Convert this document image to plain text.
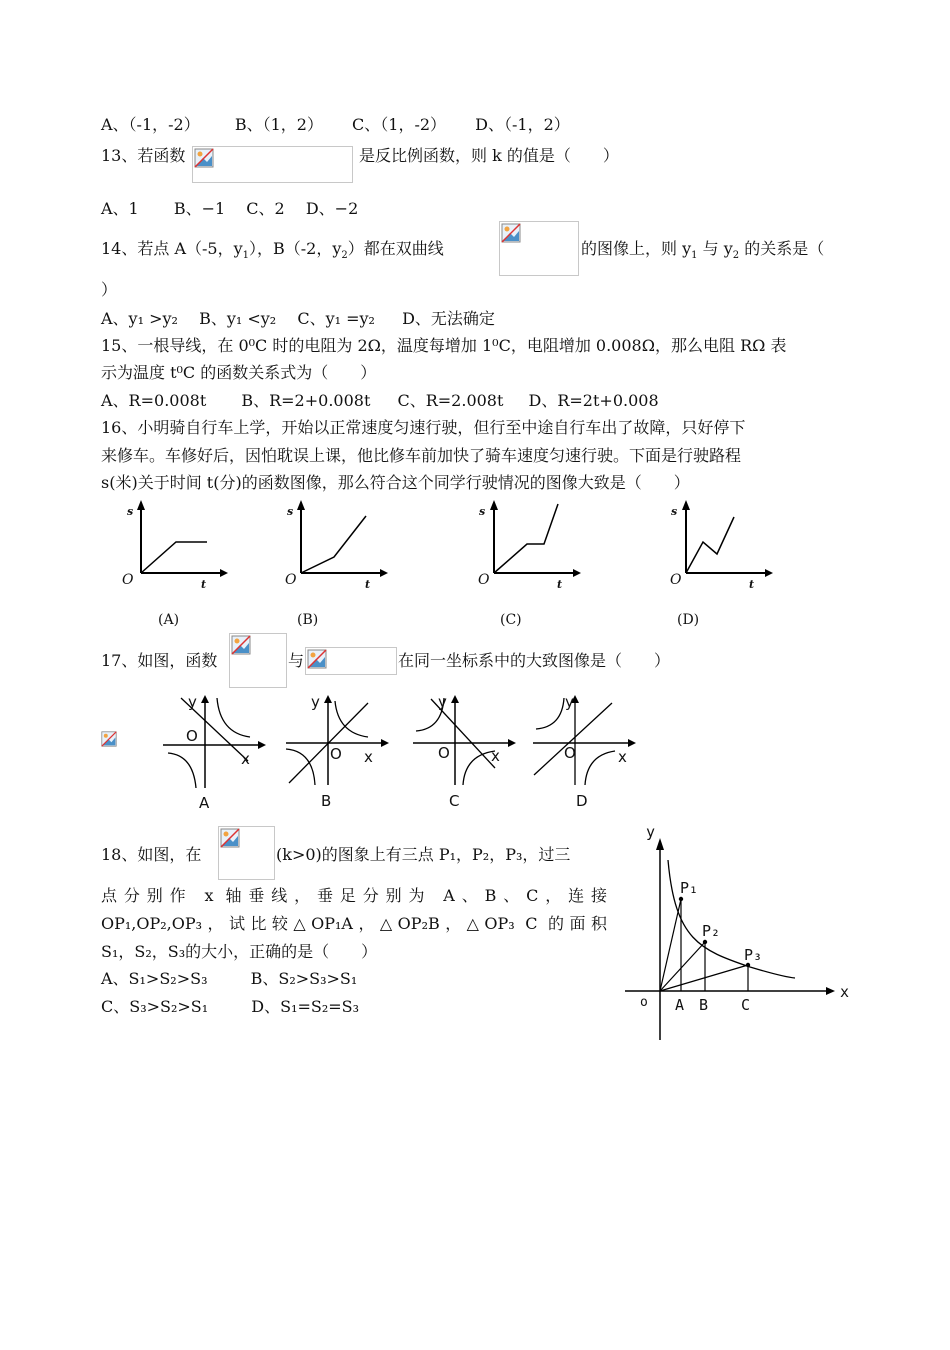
A、（-1，-2） B、（1，2） C、（1，-2） D、（-1，2）
13、若函数	是反比例函数，则 k 的值是（　　）
A、1 B、−1 C、2 D、−2
14、若点 A（-5，$y_1$），B（-2，$y_2$）都在双曲线	的图像上，则 $y_1$ 与 $y_2$ 的关系是（
）
A、y₁ >y₂ B、y₁ <y₂ C、y₁ =y₂ D、无法确定
15、一根导线，在 0⁰C 时的电阻为 2Ω，温度每增加 1⁰C，电阻增加 0.008Ω，那么电阻 RΩ 表
示为温度 t⁰C 的函数关系式为（　　）
A、R=0.008t B、R=2+0.008t C、R=2.008t D、R=2t+0.008
16、小明骑自行车上学，开始以正常速度匀速行驶，但行至中途自行车出了故障，只好停下
来修车。车修好后，因怕耽误上课，他比修车前加快了骑车速度匀速行驶。下面是行驶路程
s(米)关于时间 t(分)的函数图像，那么符合这个同学行驶情况的图像大致是（　　）
s
t
O
(A)
s
t
O
(B)
s
t
O
(C)
s
t
O
(D)
17、如图，函数	与	在同一坐标系中的大致图像是（　　）
y
O
x
A
y
O x
B
y
O	x
C
y
O	x
D
18、如图，在	(k>0)的图象上有三点 P₁，P₂，P₃，过三
点分别作 x 轴垂线，垂足分别为 A、B、C，连接
OP₁,OP₂,OP₃，试比较△OP₁A，△OP₂B，△OP₃ C 的面积
S₁，S₂，S₃的大小，正确的是（　　）
A、S₁>S₂>S₃	B、S₂>S₃>S₁
C、S₃>S₂>S₁	D、S₁=S₂=S₃
y
x
o
P₁
P₂
P₃
A B C
